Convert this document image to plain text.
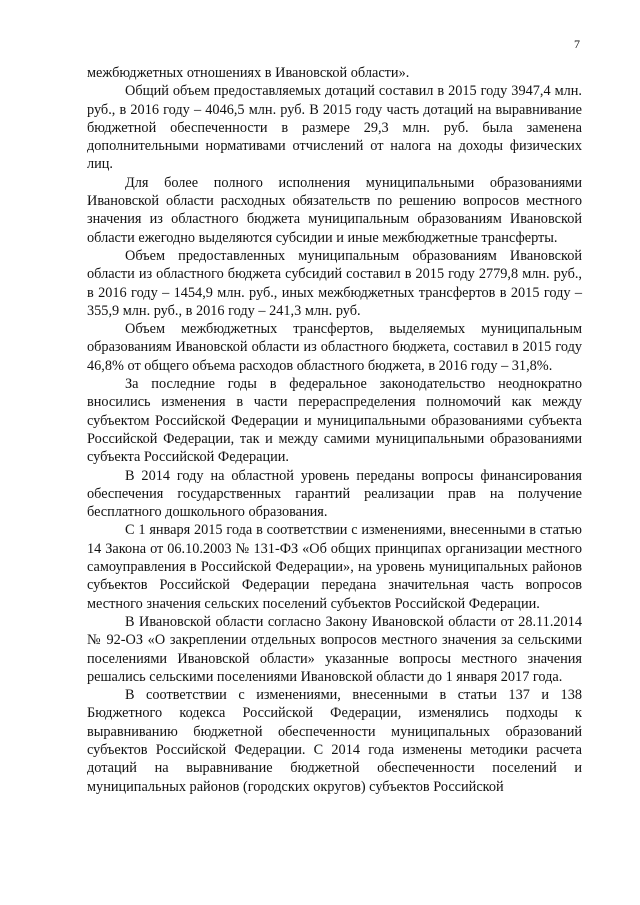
7

межбюджетных отношениях в Ивановской области».

Общий объем предоставляемых дотаций составил в 2015 году 3947,4 млн. руб., в 2016 году – 4046,5 млн. руб. В 2015 году часть дотаций на выравнивание бюджетной обеспеченности в размере 29,3 млн. руб. была заменена дополнительными нормативами отчислений от налога на доходы физических лиц.

Для более полного исполнения муниципальными образованиями Ивановской области расходных обязательств по решению вопросов местного значения из областного бюджета муниципальным образованиям Ивановской области ежегодно выделяются субсидии и иные межбюджетные трансферты.

Объем предоставленных муниципальным образованиям Ивановской области из областного бюджета субсидий составил в 2015 году 2779,8 млн. руб., в 2016 году – 1454,9 млн. руб., иных межбюджетных трансфертов в 2015 году – 355,9 млн. руб., в 2016 году – 241,3 млн. руб.

Объем межбюджетных трансфертов, выделяемых муниципальным образованиям Ивановской области из областного бюджета, составил в 2015 году 46,8% от общего объема расходов областного бюджета, в 2016 году – 31,8%.

За последние годы в федеральное законодательство неоднократно вносились изменения в части перераспределения полномочий как между субъектом Российской Федерации и муниципальными образованиями субъекта Российской Федерации, так и между самими муниципальными образованиями субъекта Российской Федерации.

В 2014 году на областной уровень переданы вопросы финансирования обеспечения государственных гарантий реализации прав на получение бесплатного дошкольного образования.

С 1 января 2015 года в соответствии с изменениями, внесенными в статью 14 Закона от 06.10.2003 № 131-ФЗ «Об общих принципах организации местного самоуправления в Российской Федерации», на уровень муниципальных районов субъектов Российской Федерации передана значительная часть вопросов местного значения сельских поселений субъектов Российской Федерации.

В Ивановской области согласно Закону Ивановской области от 28.11.2014 № 92-ОЗ «О закреплении отдельных вопросов местного значения за сельскими поселениями Ивановской области» указанные вопросы местного значения решались сельскими поселениями Ивановской области до 1 января 2017 года.

В соответствии с изменениями, внесенными в статьи 137 и 138 Бюджетного кодекса Российской Федерации, изменялись подходы к выравниванию бюджетной обеспеченности муниципальных образований субъектов Российской Федерации. С 2014 года изменены методики расчета дотаций на выравнивание бюджетной обеспеченности поселений и муниципальных районов (городских округов) субъектов Российской
